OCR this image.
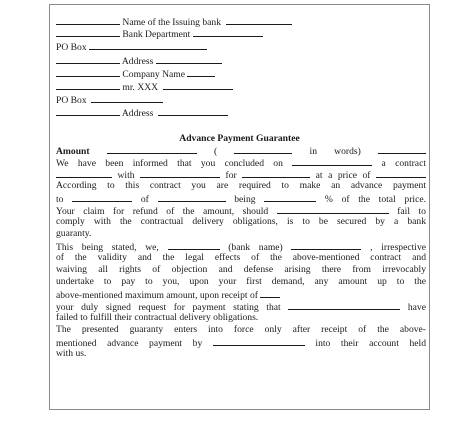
Name of the Issuing bank
Bank Department
PO Box
Address
Company Name
mr. XXX
PO Box
Address
Advance Payment Guarantee
Amount	(	in words)
We have been informed that you concluded on	a contract
with	for	at a price of
According to this contract you are required to make an advance payment
to	of	being	% of the total price.
Your claim for refund of the amount, should	fail to
comply with the contractual delivery obligations, is to be secured by a bank
guaranty.
This being stated, we,	(bank name)	, irrespective
of the validity and the legal effects of the above-mentioned contract and
waiving all rights of objection and defense arising there from irrevocably
undertake to pay to you, upon your first demand, any amount up to the
above-mentioned maximum amount, upon receipt of
your duly signed request for payment stating that	have
failed to fulfill their contractual delivery obligations.
The presented guaranty enters into force only after receipt of the above-
mentioned advance payment by	into their account held
with us.
